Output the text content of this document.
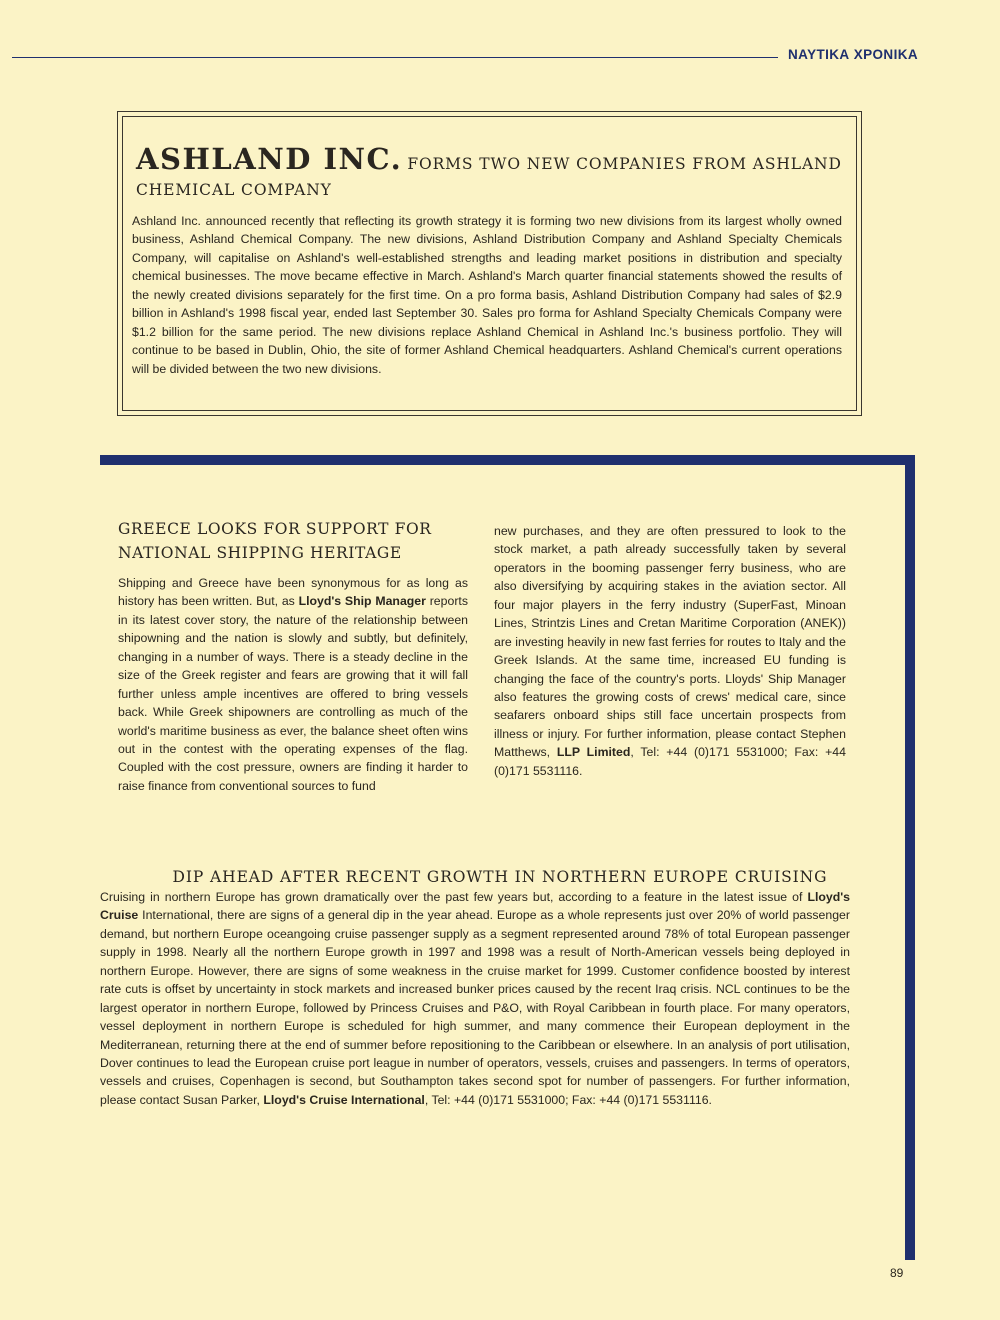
ΝΑΥΤΙΚΑ ΧΡΟΝΙΚΑ
ASHLAND INC. FORMS TWO NEW COMPANIES FROM ASHLAND CHEMICAL COMPANY
Ashland Inc. announced recently that reflecting its growth strategy it is forming two new divisions from its largest wholly owned business, Ashland Chemical Company. The new divisions, Ashland Distribution Company and Ashland Specialty Chemicals Company, will capitalise on Ashland's well-established strengths and leading market positions in distribution and specialty chemical businesses. The move became effective in March. Ashland's March quarter financial statements showed the results of the newly created divisions separately for the first time. On a pro forma basis, Ashland Distribution Company had sales of $2.9 billion in Ashland's 1998 fiscal year, ended last September 30. Sales pro forma for Ashland Specialty Chemicals Company were $1.2 billion for the same period. The new divisions replace Ashland Chemical in Ashland Inc.'s business portfolio. They will continue to be based in Dublin, Ohio, the site of former Ashland Chemical headquarters. Ashland Chemical's current operations will be divided between the two new divisions.
GREECE LOOKS FOR SUPPORT FOR NATIONAL SHIPPING HERITAGE
Shipping and Greece have been synonymous for as long as history has been written. But, as Lloyd's Ship Manager reports in its latest cover story, the nature of the relationship between shipowning and the nation is slowly and subtly, but definitely, changing in a number of ways. There is a steady decline in the size of the Greek register and fears are growing that it will fall further unless ample incentives are offered to bring vessels back. While Greek shipowners are controlling as much of the world's maritime business as ever, the balance sheet often wins out in the contest with the operating expenses of the flag. Coupled with the cost pressure, owners are finding it harder to raise finance from conventional sources to fund
new purchases, and they are often pressured to look to the stock market, a path already successfully taken by several operators in the booming passenger ferry business, who are also diversifying by acquiring stakes in the aviation sector. All four major players in the ferry industry (SuperFast, Minoan Lines, Strintzis Lines and Cretan Maritime Corporation (ANEK)) are investing heavily in new fast ferries for routes to Italy and the Greek Islands. At the same time, increased EU funding is changing the face of the country's ports. Lloyds' Ship Manager also features the growing costs of crews' medical care, since seafarers onboard ships still face uncertain prospects from illness or injury. For further information, please contact Stephen Matthews, LLP Limited, Tel: +44 (0)171 5531000; Fax: +44 (0)171 5531116.
DIP AHEAD AFTER RECENT GROWTH IN NORTHERN EUROPE CRUISING
Cruising in northern Europe has grown dramatically over the past few years but, according to a feature in the latest issue of Lloyd's Cruise International, there are signs of a general dip in the year ahead. Europe as a whole represents just over 20% of world passenger demand, but northern Europe oceangoing cruise passenger supply as a segment represented around 78% of total European passenger supply in 1998. Nearly all the northern Europe growth in 1997 and 1998 was a result of North-American vessels being deployed in northern Europe. However, there are signs of some weakness in the cruise market for 1999. Customer confidence boosted by interest rate cuts is offset by uncertainty in stock markets and increased bunker prices caused by the recent Iraq crisis. NCL continues to be the largest operator in northern Europe, followed by Princess Cruises and P&O, with Royal Caribbean in fourth place. For many operators, vessel deployment in northern Europe is scheduled for high summer, and many commence their European deployment in the Mediterranean, returning there at the end of summer before repositioning to the Caribbean or elsewhere. In an analysis of port utilisation, Dover continues to lead the European cruise port league in number of operators, vessels, cruises and passengers. In terms of operators, vessels and cruises, Copenhagen is second, but Southampton takes second spot for number of passengers. For further information, please contact Susan Parker, Lloyd's Cruise International, Tel: +44 (0)171 5531000; Fax: +44 (0)171 5531116.
89
